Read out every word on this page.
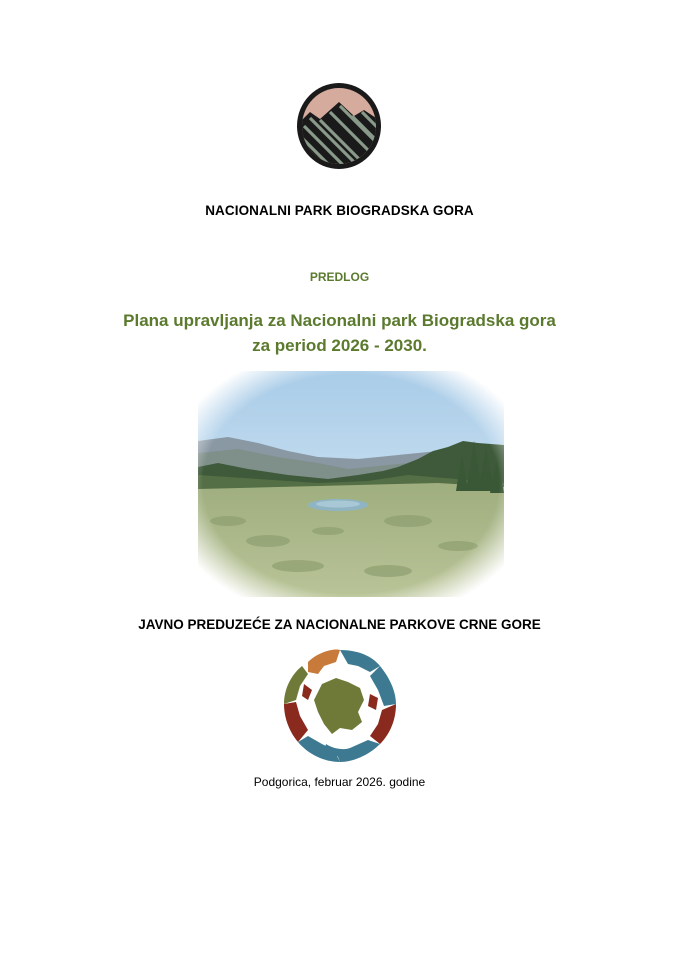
NACIONALNI PARK BIOGRADSKA GORA
PREDLOG
Plana upravljanja za Nacionalni park Biogradska gora
za period 2026 - 2030.
JAVNO PREDUZEĆE ZA NACIONALNE PARKOVE CRNE GORE
Podgorica, februar 2026. godine
